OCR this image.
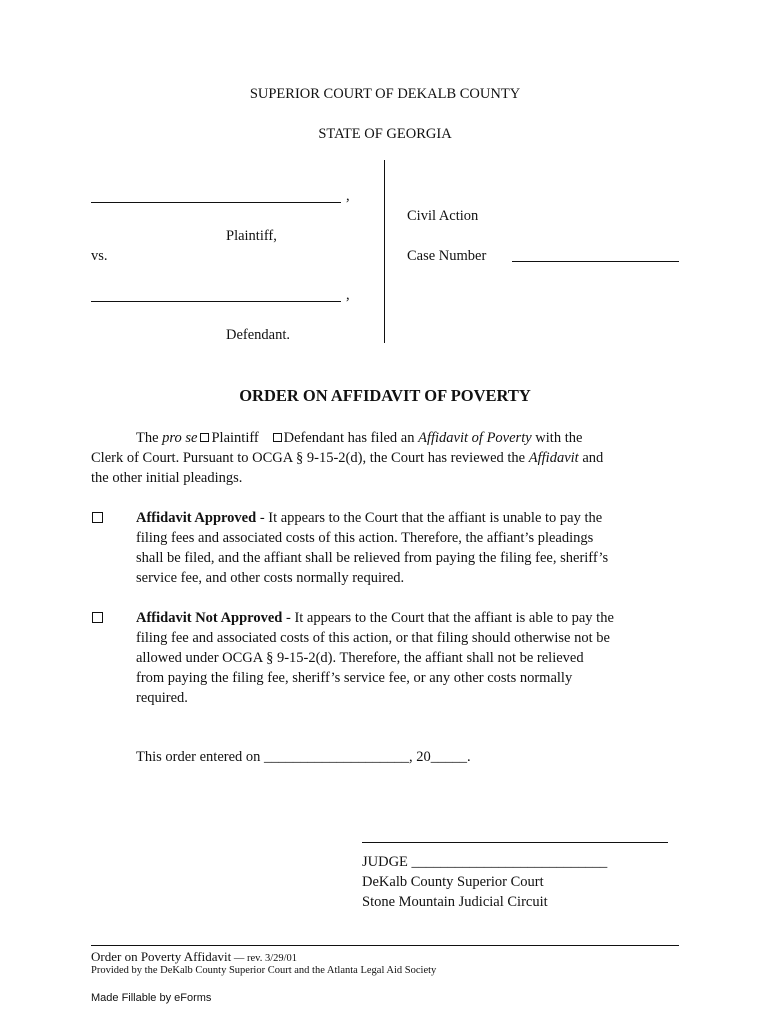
SUPERIOR COURT OF DEKALB COUNTY
STATE OF GEORGIA
,
Plaintiff,
vs.
,
Defendant.
Civil Action
Case Number
ORDER ON AFFIDAVIT OF POVERTY
The pro se Plaintiff Defendant has filed an Affidavit of Poverty with the
Clerk of Court. Pursuant to OCGA § 9-15-2(d), the Court has reviewed the Affidavit and
the other initial pleadings.
Affidavit Approved - It appears to the Court that the affiant is unable to pay the
filing fees and associated costs of this action. Therefore, the affiant’s pleadings
shall be filed, and the affiant shall be relieved from paying the filing fee, sheriff’s
service fee, and other costs normally required.
Affidavit Not Approved - It appears to the Court that the affiant is able to pay the
filing fee and associated costs of this action, or that filing should otherwise not be
allowed under OCGA § 9-15-2(d). Therefore, the affiant shall not be relieved
from paying the filing fee, sheriff’s service fee, or any other costs normally
required.
This order entered on ____________________, 20_____.
JUDGE ___________________________
DeKalb County Superior Court
Stone Mountain Judicial Circuit
Order on Poverty Affidavit — rev. 3/29/01
Provided by the DeKalb County Superior Court and the Atlanta Legal Aid Society
Made Fillable by eForms
